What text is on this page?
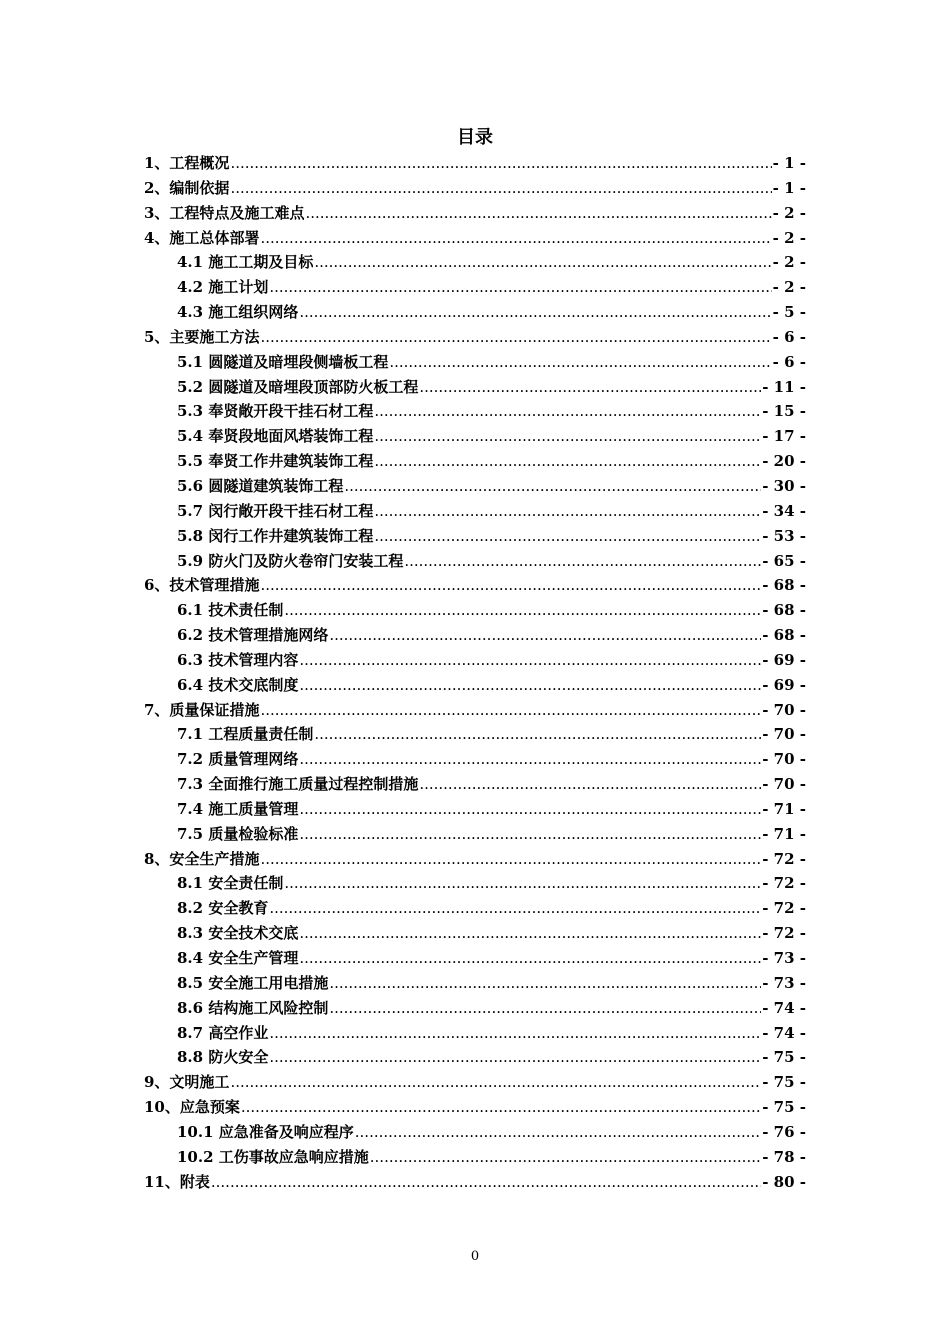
目录
1、工程概况 .....	- 1 -
2、编制依据 .....	- 1 -
3、工程特点及施工难点 .....	- 2 -
4、施工总体部署 .....	- 2 -
4.1 施工工期及目标 .....	- 2 -
4.2 施工计划 .....	- 2 -
4.3 施工组织网络 .....	- 5 -
5、主要施工方法 .....	- 6 -
5.1 圆隧道及暗埋段侧墙板工程 .....	- 6 -
5.2 圆隧道及暗埋段顶部防火板工程 .....	- 11 -
5.3 奉贤敞开段干挂石材工程 .....	- 15 -
5.4 奉贤段地面风塔装饰工程 .....	- 17 -
5.5 奉贤工作井建筑装饰工程 .....	- 20 -
5.6 圆隧道建筑装饰工程 .....	- 30 -
5.7 闵行敞开段干挂石材工程 .....	- 34 -
5.8 闵行工作井建筑装饰工程 .....	- 53 -
5.9 防火门及防火卷帘门安装工程 .....	- 65 -
6、技术管理措施 .....	- 68 -
6.1 技术责任制 .....	- 68 -
6.2 技术管理措施网络 .....	- 68 -
6.3 技术管理内容 .....	- 69 -
6.4 技术交底制度 .....	- 69 -
7、质量保证措施 .....	- 70 -
7.1 工程质量责任制 .....	- 70 -
7.2 质量管理网络 .....	- 70 -
7.3 全面推行施工质量过程控制措施 .....	- 70 -
7.4 施工质量管理 .....	- 71 -
7.5 质量检验标准 .....	- 71 -
8、安全生产措施 .....	- 72 -
8.1 安全责任制 .....	- 72 -
8.2 安全教育 .....	- 72 -
8.3 安全技术交底 .....	- 72 -
8.4 安全生产管理 .....	- 73 -
8.5 安全施工用电措施 .....	- 73 -
8.6 结构施工风险控制 .....	- 74 -
8.7 高空作业 .....	- 74 -
8.8 防火安全 .....	- 75 -
9、文明施工 .....	- 75 -
10、应急预案 .....	- 75 -
10.1 应急准备及响应程序 .....	- 76 -
10.2 工伤事故应急响应措施 .....	- 78 -
11、附表 .....	- 80 -
0
